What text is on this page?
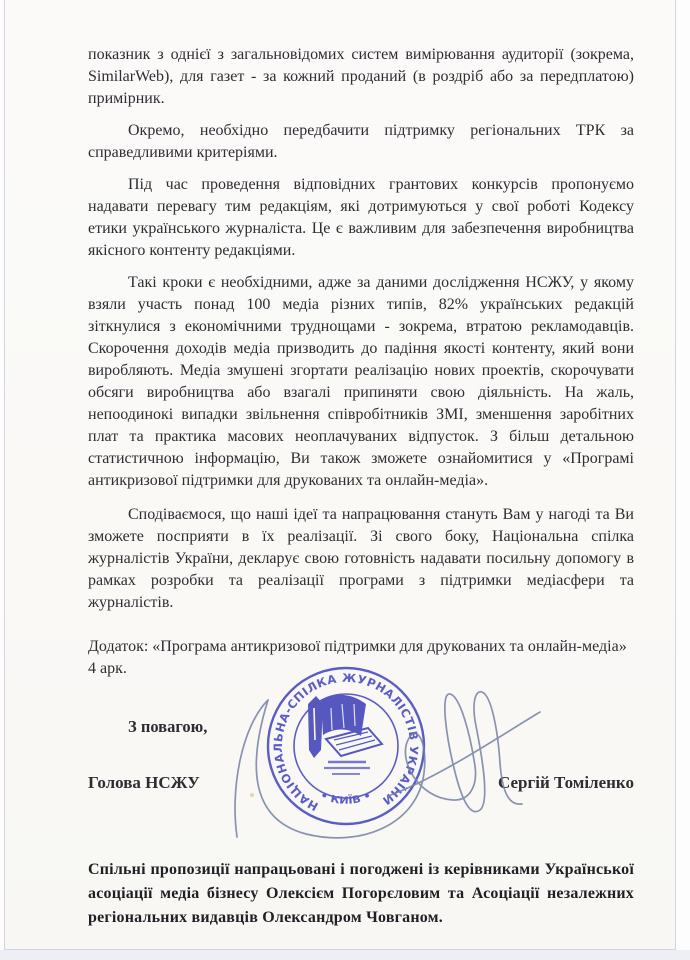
показник з однієї з загальновідомих систем вимірювання аудиторії (зокрема, SimilarWeb), для газет - за кожний проданий (в роздріб або за передплатою) примірник.

Окремо, необхідно передбачити підтримку регіональних ТРК за справедливими критеріями.

Під час проведення відповідних грантових конкурсів пропонуємо надавати перевагу тим редакціям, які дотримуються у свої роботі Кодексу етики українського журналіста. Це є важливим для забезпечення виробництва якісного контенту редакціями.

Такі кроки є необхідними, адже за даними дослідження НСЖУ, у якому взяли участь понад 100 медіа різних типів, 82% українських редакцій зіткнулися з економічними труднощами - зокрема, втратою рекламодавців. Скорочення доходів медіа призводить до падіння якості контенту, який вони виробляють. Медіа змушені згортати реалізацію нових проектів, скорочувати обсяги виробництва або взагалі припиняти свою діяльність. На жаль, непоодинокі випадки звільнення співробітників ЗМІ, зменшення заробітних плат та практика масових неоплачуваних відпусток. З більш детальною статистичною інформацію, Ви також зможете ознайомитися у «Програмі антикризової підтримки для друкованих та онлайн-медіа».

Сподіваємося, що наші ідеї та напрацювання стануть Вам у нагоді та Ви зможете посприяти в їх реалізації. Зі свого боку, Національна спілка журналістів України, декларує свою готовність надавати посильну допомогу в рамках розробки та реалізації програми з підтримки медіасфери та журналістів.

Додаток: «Програма антикризової підтримки для друкованих та онлайн-медіа»
4 арк.
З повагою,
Голова НСЖУ	Сергій Томіленко

Спільні пропозиції напрацьовані і погоджені із керівниками Української асоціації медіа бізнесу Олексієм Погорєловим та Асоціації незалежних регіональних видавців Олександром Човганом.

НАЦІОНАЛЬНА-СПІЛКА ЖУРНАЛІСТІВ УКРАЇНИ
• КИЇВ •
